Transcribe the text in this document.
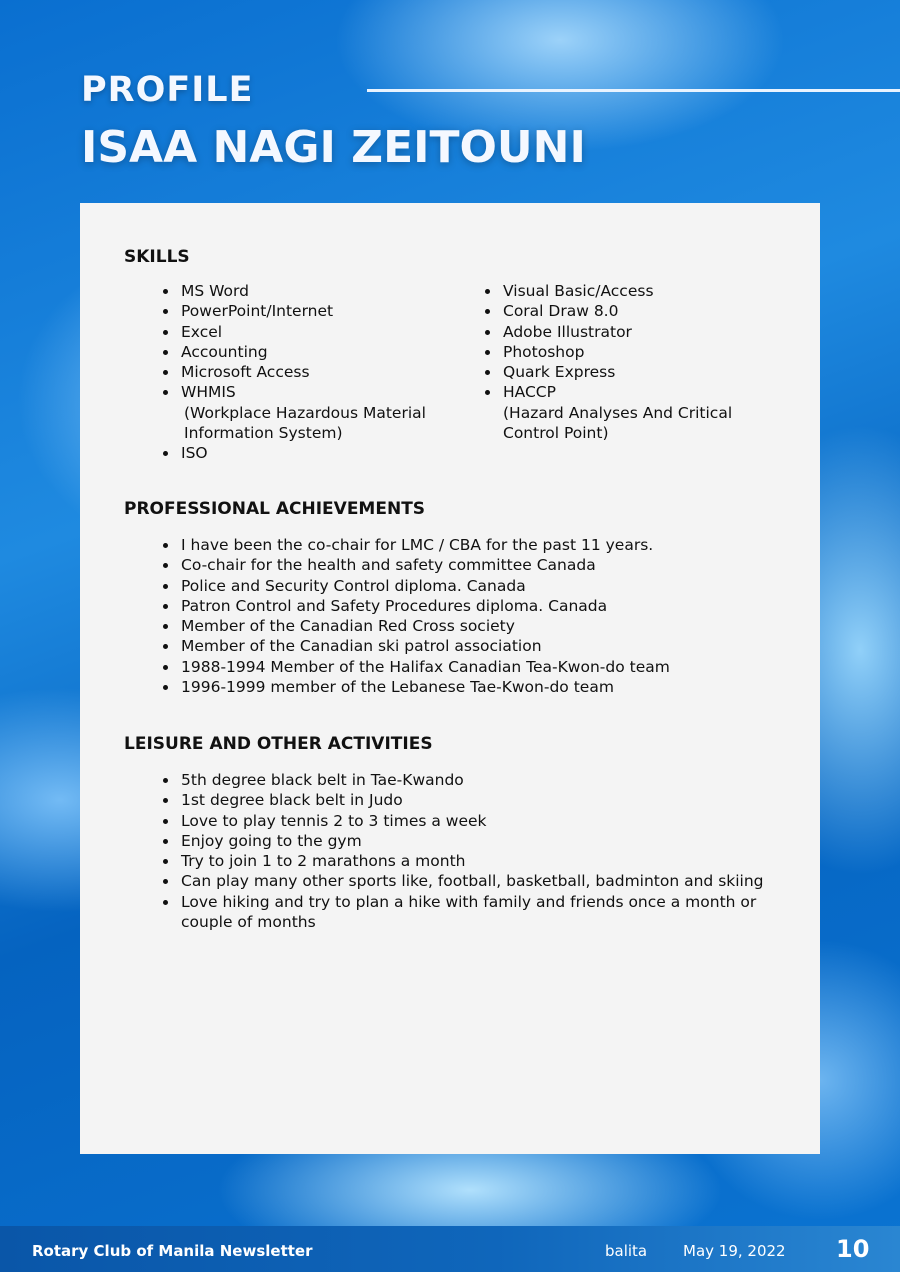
PROFILE
ISAA NAGI ZEITOUNI
SKILLS
MS Word
PowerPoint/Internet
Excel
Accounting
Microsoft Access
WHMIS
(Workplace Hazardous Material
Information System)
ISO
Visual Basic/Access
Coral Draw 8.0
Adobe Illustrator
Photoshop
Quark Express
HACCP
(Hazard Analyses And Critical
Control Point)
PROFESSIONAL ACHIEVEMENTS
I have been the co-chair for LMC / CBA for the past 11 years.
Co-chair for the health and safety committee Canada
Police and Security Control diploma. Canada
Patron Control and Safety Procedures diploma. Canada
Member of the Canadian Red Cross society
Member of the Canadian ski patrol association
1988-1994 Member of the Halifax Canadian Tea-Kwon-do team
1996-1999 member of the Lebanese Tae-Kwon-do team
LEISURE AND OTHER ACTIVITIES
5th degree black belt in Tae-Kwando
1st degree black belt in Judo
Love to play tennis 2 to 3 times a week
Enjoy going to the gym
Try to join 1 to 2 marathons a month
Can play many other sports like, football, basketball, badminton and skiing
Love hiking and try to plan a hike with family and friends once a month or
couple of months
Rotary Club of Manila Newsletter	balita May 19, 2022 10
